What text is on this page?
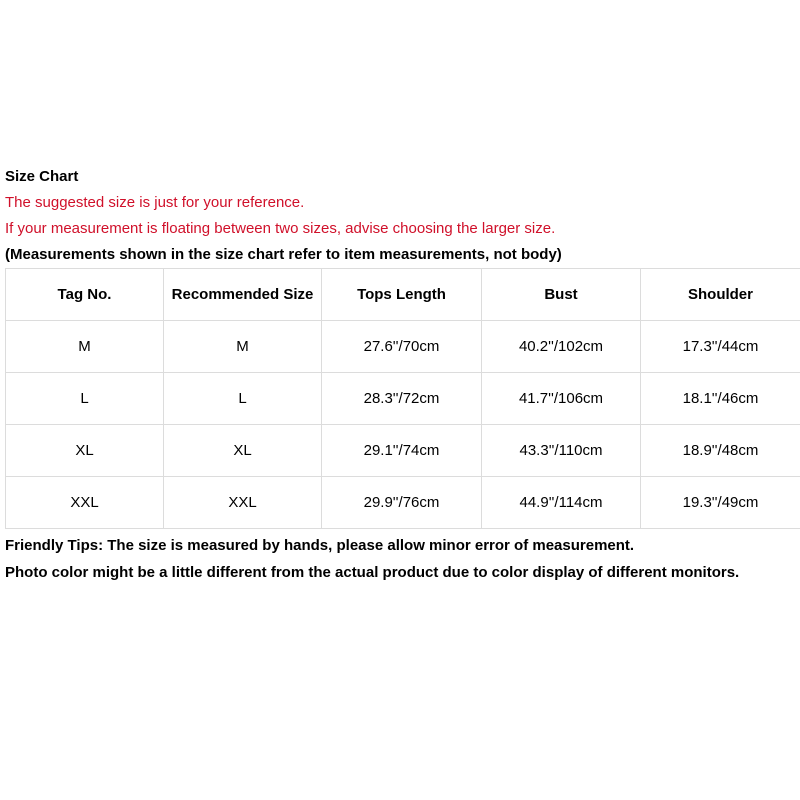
Size Chart
The suggested size is just for your reference.
If your measurement is floating between two sizes, advise choosing the larger size.
(Measurements shown in the size chart refer to item measurements, not body)
Tag No.	Recommended Size	Tops Length	Bust	Shoulder
M	M	27.6''/70cm	40.2''/102cm	17.3''/44cm
L	L	28.3''/72cm	41.7''/106cm	18.1''/46cm
XL	XL	29.1''/74cm	43.3''/110cm	18.9''/48cm
XXL	XXL	29.9''/76cm	44.9''/114cm	19.3''/49cm
Friendly Tips: The size is measured by hands, please allow minor error of measurement.
Photo color might be a little different from the actual product due to color display of different monitors.
